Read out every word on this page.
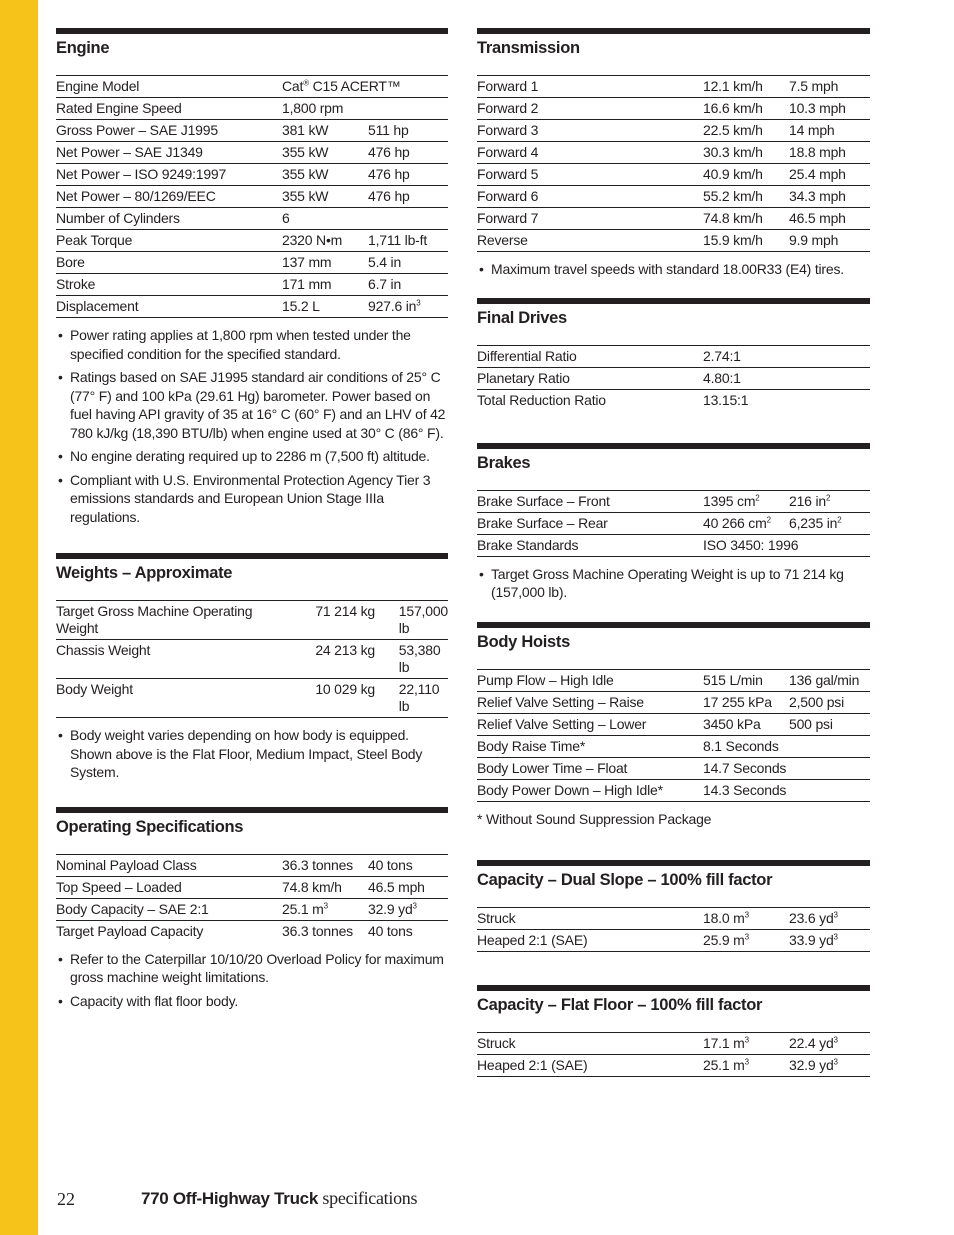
Engine
Engine Model	Cat® C15 ACERT™	
Rated Engine Speed	1,800 rpm	
Gross Power – SAE J1995	381 kW	511 hp
Net Power – SAE J1349	355 kW	476 hp
Net Power – ISO 9249:1997	355 kW	476 hp
Net Power – 80/1269/EEC	355 kW	476 hp
Number of Cylinders	6	
Peak Torque	2320 N•m	1,711 lb-ft
Bore	137 mm	5.4 in
Stroke	171 mm	6.7 in
Displacement	15.2 L	927.6 $in^3$
• Power rating applies at 1,800 rpm when tested under the specified condition for the specified standard.
• Ratings based on SAE J1995 standard air conditions of 25° C (77° F) and 100 kPa (29.61 Hg) barometer. Power based on fuel having API gravity of 35 at 16° C (60° F) and an LHV of 42 780 kJ/kg (18,390 BTU/lb) when engine used at 30° C (86° F).
• No engine derating required up to 2286 m (7,500 ft) altitude.
• Compliant with U.S. Environmental Protection Agency Tier 3 emissions standards and European Union Stage IIIa regulations.
Weights – Approximate
Target Gross Machine Operating Weight	71 214 kg	157,000 lb
Chassis Weight	24 213 kg	53,380 lb
Body Weight	10 029 kg	22,110 lb
• Body weight varies depending on how body is equipped. Shown above is the Flat Floor, Medium Impact, Steel Body System.
Operating Specifications
Nominal Payload Class	36.3 tonnes	40 tons
Top Speed – Loaded	74.8 km/h	46.5 mph
Body Capacity – SAE 2:1	25.1 $m^3$	32.9 $yd^3$
Target Payload Capacity	36.3 tonnes	40 tons
• Refer to the Caterpillar 10/10/20 Overload Policy for maximum gross machine weight limitations.
• Capacity with flat floor body.
Transmission
Forward 1	12.1 km/h	7.5 mph
Forward 2	16.6 km/h	10.3 mph
Forward 3	22.5 km/h	14 mph
Forward 4	30.3 km/h	18.8 mph
Forward 5	40.9 km/h	25.4 mph
Forward 6	55.2 km/h	34.3 mph
Forward 7	74.8 km/h	46.5 mph
Reverse	15.9 km/h	9.9 mph
• Maximum travel speeds with standard 18.00R33 (E4) tires.
Final Drives
Differential Ratio	2.74:1	
Planetary Ratio	4.80:1	
Total Reduction Ratio	13.15:1	
Brakes
Brake Surface – Front	1395 $cm^2$	216 $in^2$
Brake Surface – Rear	40 266 $cm^2$	6,235 $in^2$
Brake Standards	ISO 3450: 1996	
• Target Gross Machine Operating Weight is up to 71 214 kg (157,000 lb).
Body Hoists
Pump Flow – High Idle	515 L/min	136 gal/min
Relief Valve Setting – Raise	17 255 kPa	2,500 psi
Relief Valve Setting – Lower	3450 kPa	500 psi
Body Raise Time*	8.1 Seconds	
Body Lower Time – Float	14.7 Seconds	
Body Power Down – High Idle*	14.3 Seconds	
* Without Sound Suppression Package
Capacity – Dual Slope – 100% fill factor
Struck	18.0 $m^3$	23.6 $yd^3$
Heaped 2:1 (SAE)	25.9 $m^3$	33.9 $yd^3$
Capacity – Flat Floor – 100% fill factor
Struck	17.1 $m^3$	22.4 $yd^3$
Heaped 2:1 (SAE)	25.1 $m^3$	32.9 $yd^3$
22	770 Off-Highway Truck specifications
